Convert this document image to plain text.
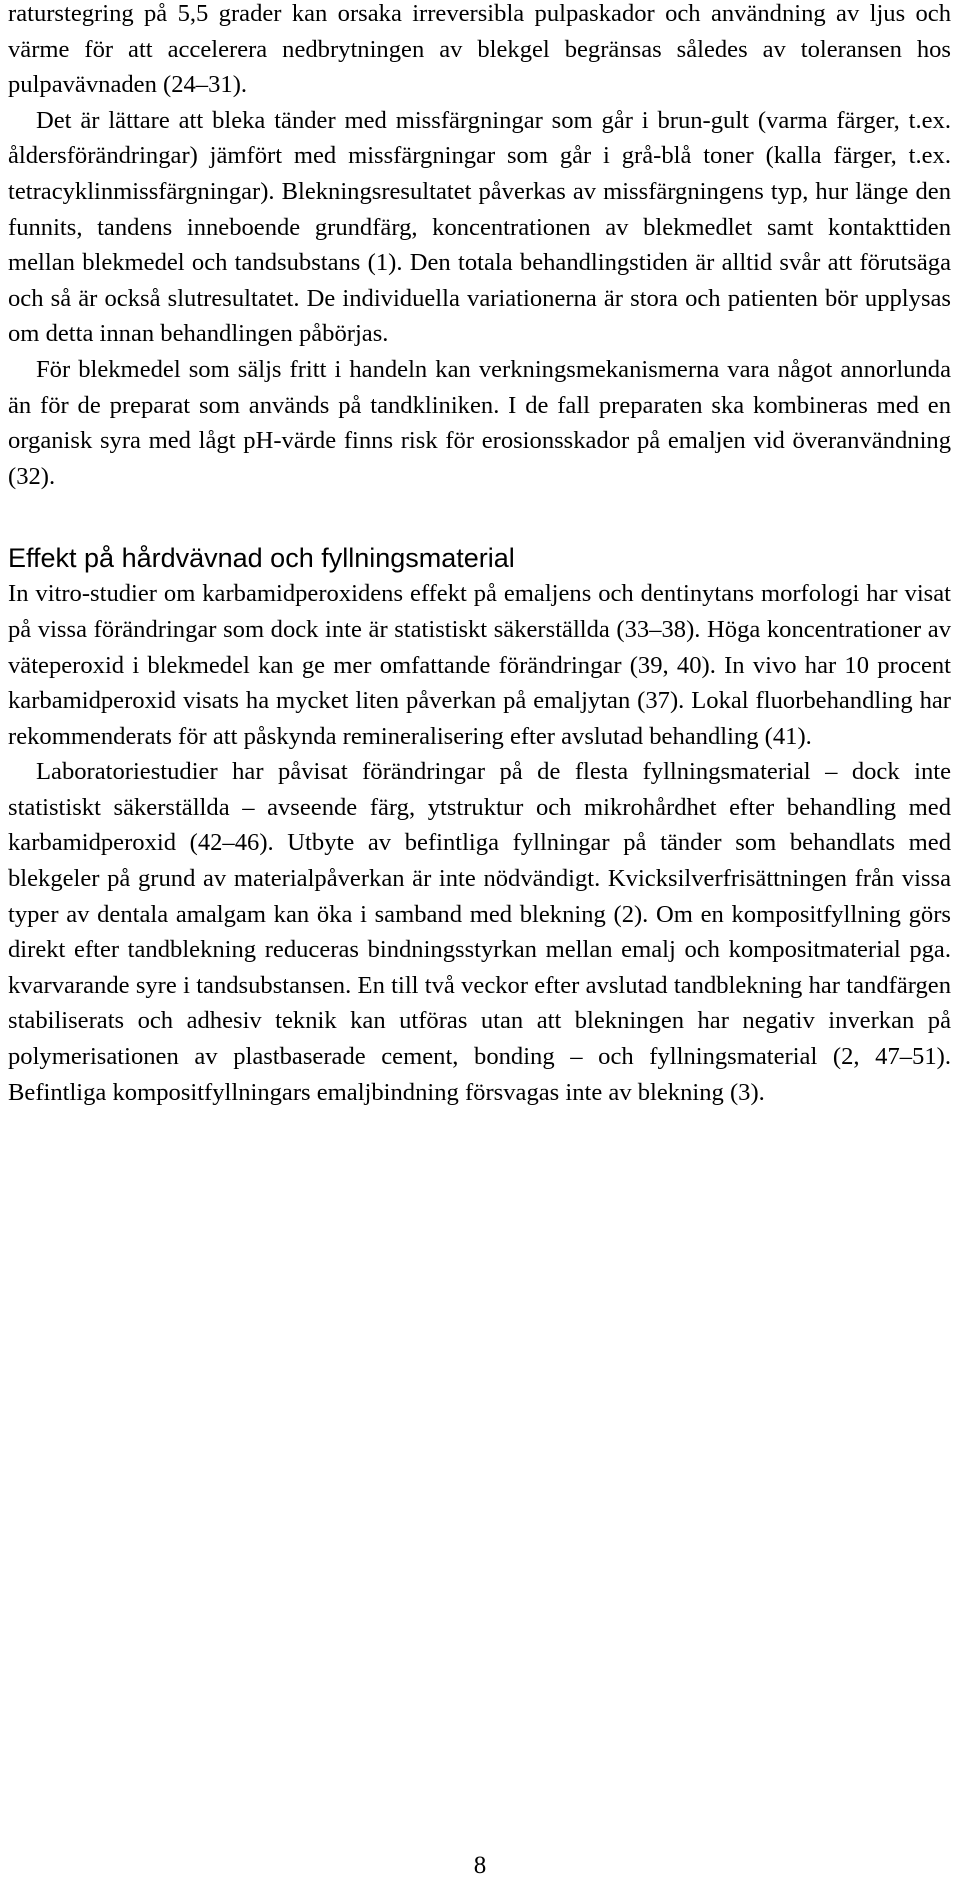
raturstegring på 5,5 grader kan orsaka irreversibla pulpaskador och användning av ljus och värme för att accelerera nedbrytningen av blekgel begränsas således av toleransen hos pulpavävnaden (24–31).

Det är lättare att bleka tänder med missfärgningar som går i brun-gult (varma färger, t.ex. åldersförändringar) jämfört med missfärgningar som går i grå-blå toner (kalla färger, t.ex. tetracyklinmissfärgningar). Blekningsresultatet påverkas av missfärgningens typ, hur länge den funnits, tandens inneboende grundfärg, koncentrationen av blekmedlet samt kontakttiden mellan blekmedel och tandsubstans (1). Den totala behandlingstiden är alltid svår att förutsäga och så är också slutresultatet. De individuella variationerna är stora och patienten bör upplysas om detta innan behandlingen påbörjas.

För blekmedel som säljs fritt i handeln kan verkningsmekanismerna vara något annorlunda än för de preparat som används på tandkliniken. I de fall preparaten ska kombineras med en organisk syra med lågt pH-värde finns risk för erosionsskador på emaljen vid överanvändning (32).

Effekt på hårdvävnad och fyllningsmaterial

In vitro-studier om karbamidperoxidens effekt på emaljens och dentinytans morfologi har visat på vissa förändringar som dock inte är statistiskt säkerställda (33–38). Höga koncentrationer av väteperoxid i blekmedel kan ge mer omfattande förändringar (39, 40). In vivo har 10 procent karbamidperoxid visats ha mycket liten påverkan på emaljytan (37). Lokal fluorbehandling har rekommenderats för att påskynda remineralisering efter avslutad behandling (41).

Laboratoriestudier har påvisat förändringar på de flesta fyllningsmaterial – dock inte statistiskt säkerställda – avseende färg, ytstruktur och mikrohårdhet efter behandling med karbamidperoxid (42–46). Utbyte av befintliga fyllningar på tänder som behandlats med blekgeler på grund av materialpåverkan är inte nödvändigt. Kvicksilverfrisättningen från vissa typer av dentala amalgam kan öka i samband med blekning (2). Om en kompositfyllning görs direkt efter tandblekning reduceras bindningsstyrkan mellan emalj och kompositmaterial pga. kvarvarande syre i tandsubstansen. En till två veckor efter avslutad tandblekning har tandfärgen stabiliserats och adhesiv teknik kan utföras utan att blekningen har negativ inverkan på polymerisationen av plastbaserade cement, bonding – och fyllningsmaterial (2, 47–51). Befintliga kompositfyllningars emaljbindning försvagas inte av blekning (3).

8
